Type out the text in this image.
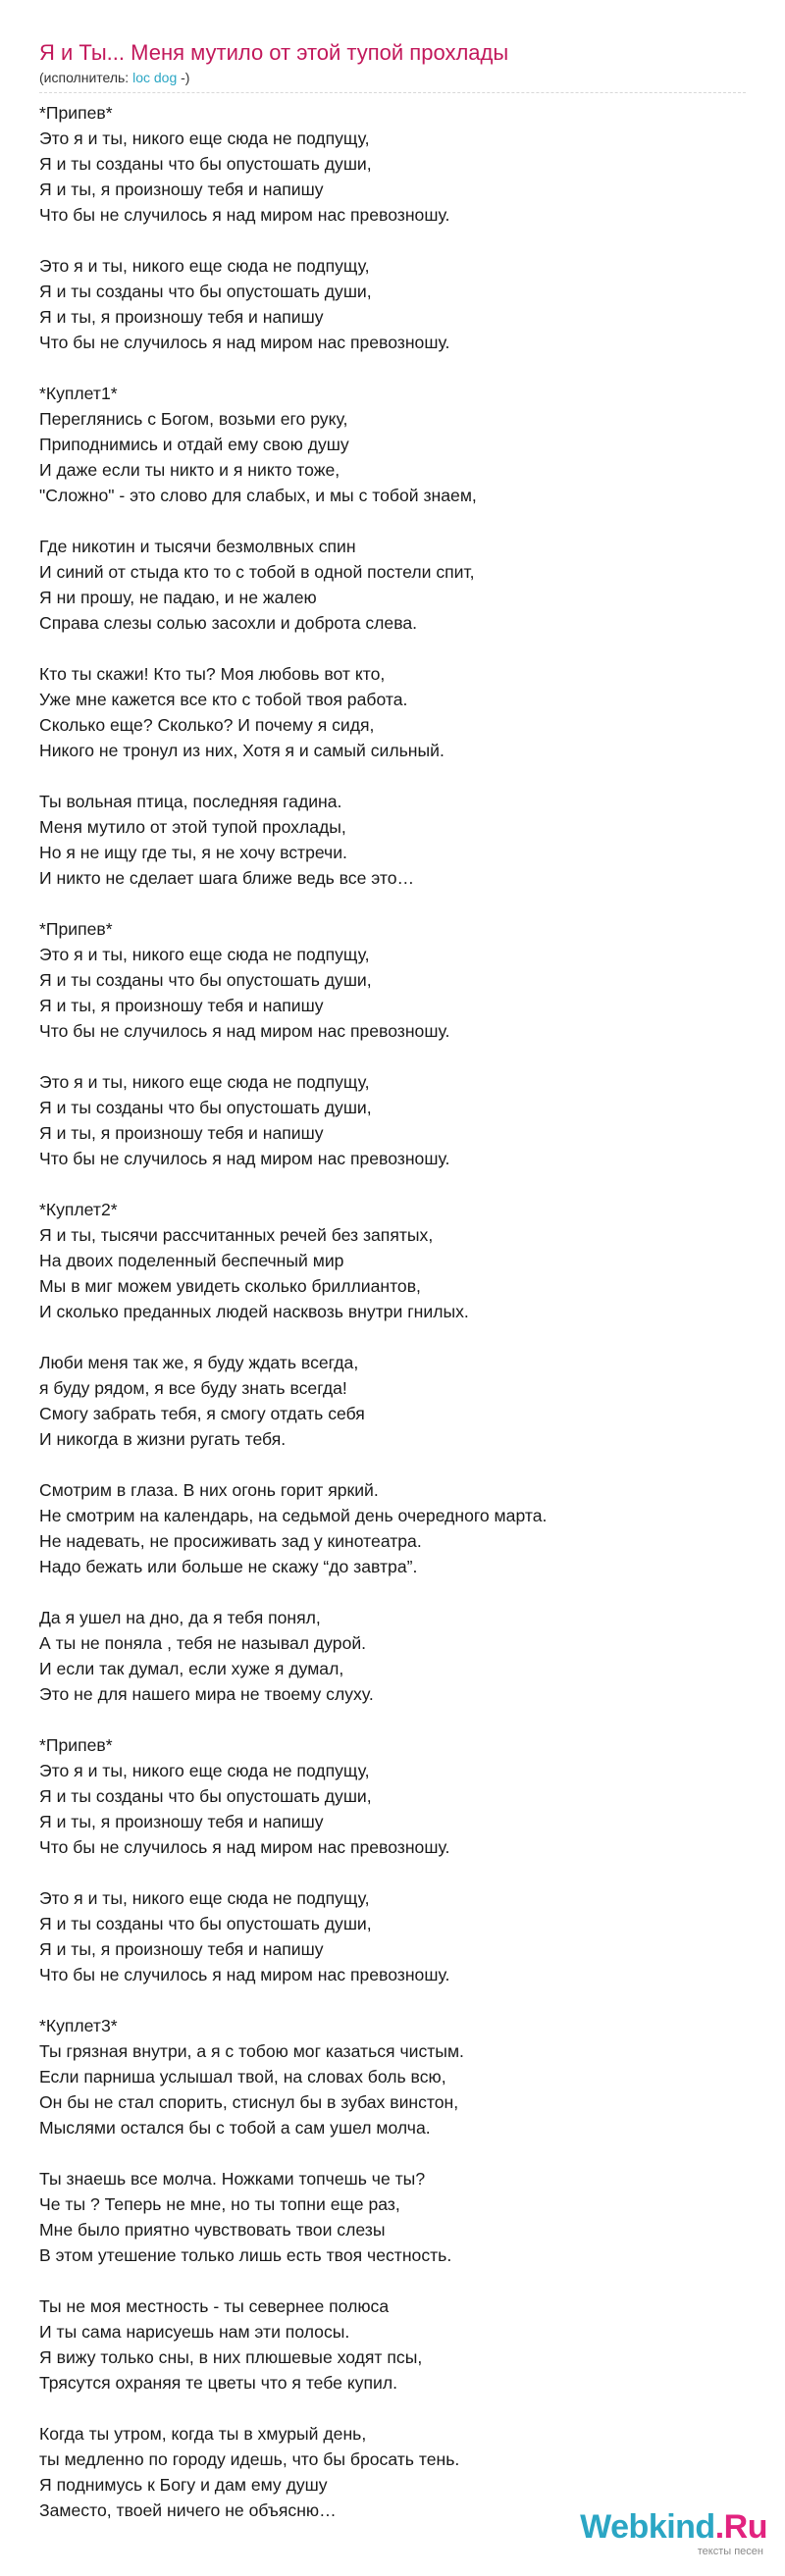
Я и Ты... Меня мутило от этой тупой прохлады
(исполнитель: loc dog -)
*Припев*
Это я и ты, никого еще сюда не подпущу,
Я и ты созданы что бы опустошать души,
Я и ты, я произношу тебя и напишу
Что бы не случилось я над миром нас превозношу.
Это я и ты, никого еще сюда не подпущу,
Я и ты созданы что бы опустошать души,
Я и ты, я произношу тебя и напишу
Что бы не случилось я над миром нас превозношу.
*Куплет1*
Переглянись с Богом, возьми его руку,
Приподнимись и отдай ему свою душу
И даже если ты никто и я никто тоже,
"Сложно" - это слово для слабых, и мы с тобой знаем,
Где никотин и тысячи безмолвных спин
И синий от стыда кто то с тобой в одной постели спит,
Я ни прошу, не падаю, и не жалею
Справа слезы солью засохли и доброта слева.
Кто ты скажи! Кто ты? Моя любовь вот кто,
Уже мне кажется все кто с тобой твоя работа.
Сколько еще? Сколько? И почему я сидя,
Никого не тронул из них, Хотя я и самый сильный.
Ты вольная птица, последняя гадина.
Меня мутило от этой тупой прохлады,
Но я не ищу где ты, я не хочу встречи.
И никто не сделает шага ближе ведь все это…
*Припев*
Это я и ты, никого еще сюда не подпущу,
Я и ты созданы что бы опустошать души,
Я и ты, я произношу тебя и напишу
Что бы не случилось я над миром нас превозношу.
Это я и ты, никого еще сюда не подпущу,
Я и ты созданы что бы опустошать души,
Я и ты, я произношу тебя и напишу
Что бы не случилось я над миром нас превозношу.
*Куплет2*
Я и ты, тысячи рассчитанных речей без запятых,
На двоих поделенный беспечный мир
Мы в миг можем увидеть сколько бриллиантов,
И сколько преданных людей насквозь внутри гнилых.
Люби меня так же, я буду ждать всегда,
я буду рядом, я все буду знать всегда!
Смогу забрать тебя, я смогу отдать себя
И никогда в жизни ругать тебя.
Смотрим в глаза. В них огонь горит яркий.
Не смотрим на календарь, на седьмой день очередного марта.
Не надевать, не просиживать зад у кинотеатра.
Надо бежать или больше не скажу “до завтра”.
Да я ушел на дно, да я тебя понял,
А ты не поняла , тебя не называл дурой.
И если так думал, если хуже я думал,
Это не для нашего мира не твоему слуху.
*Припев*
Это я и ты, никого еще сюда не подпущу,
Я и ты созданы что бы опустошать души,
Я и ты, я произношу тебя и напишу
Что бы не случилось я над миром нас превозношу.
Это я и ты, никого еще сюда не подпущу,
Я и ты созданы что бы опустошать души,
Я и ты, я произношу тебя и напишу
Что бы не случилось я над миром нас превозношу.
*Куплет3*
Ты грязная внутри, а я с тобою мог казаться чистым.
Если парниша услышал твой, на словах боль всю,
Он бы не стал спорить, стиснул бы в зубах винстон,
Мыслями остался бы с тобой а сам ушел молча.
Ты знаешь все молча. Ножками топчешь че ты?
Че ты ? Теперь не мне, но ты топни еще раз,
Мне было приятно чувствовать твои слезы
В этом утешение только лишь есть твоя честность.
Ты не моя местность - ты севернее полюса
И ты сама нарисуешь нам эти полосы.
Я вижу только сны, в них плюшевые ходят псы,
Трясутся охраняя те цветы что я тебе купил.
Когда ты утром, когда ты в хмурый день,
ты медленно по городу идешь, что бы бросать тень.
Я поднимусь к Богу и дам ему душу
Заместо, твоей ничего не объясню…	Webkind.Ru
тексты песен
